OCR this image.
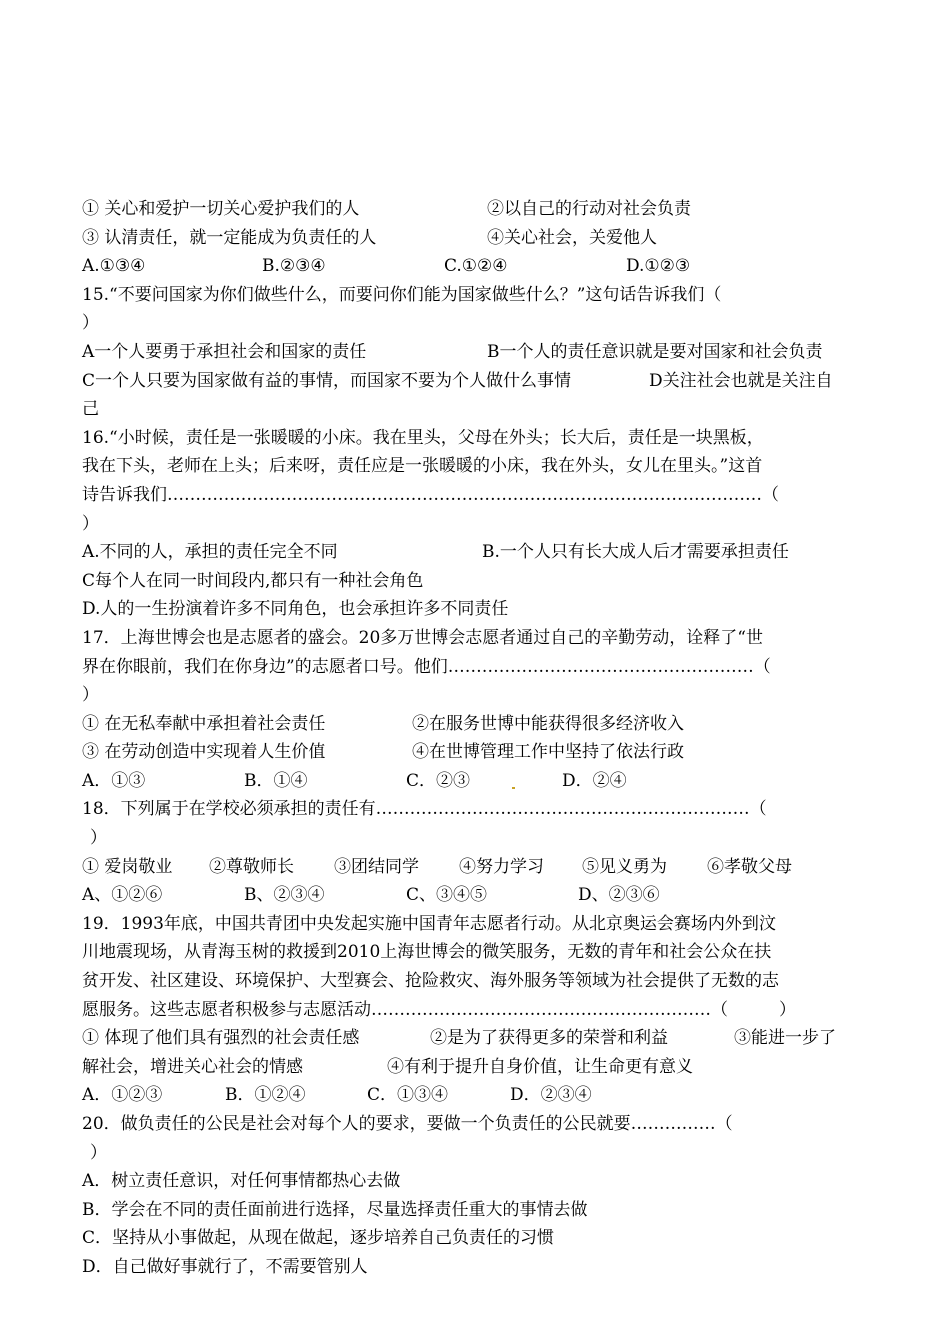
① 关心和爱护一切关心爱护我们的人	②以自己的行动对社会负责
③ 认清责任，就一定能成为负责任的人	④关心社会，关爱他人
A.①③④	B.②③④	C.①②④	D.①②③
15.“不要问国家为你们做些什么，而要问你们能为国家做些什么？”这句话告诉我们（
）
A一个人要勇于承担社会和国家的责任	B一个人的责任意识就是要对国家和社会负责
C一个人只要为国家做有益的事情，而国家不要为个人做什么事情	D关注社会也就是关注自
己
16.“小时候，责任是一张暖暖的小床。我在里头，父母在外头；长大后，责任是一块黑板，
我在下头，老师在上头；后来呀，责任应是一张暖暖的小床，我在外头，女儿在里头。”这首
诗告诉我们……………………………………………………………………………………………（
）
A.不同的人，承担的责任完全不同	B.一个人只有长大成人后才需要承担责任
C每个人在同一时间段内,都只有一种社会角色
D.人的一生扮演着许多不同角色，也会承担许多不同责任
17．上海世博会也是志愿者的盛会。20多万世博会志愿者通过自己的辛勤劳动，诠释了“世
界在你眼前，我们在你身边”的志愿者口号。他们………………………………………………（
）
① 在无私奉献中承担着社会责任	②在服务世博中能获得很多经济收入
③ 在劳动创造中实现着人生价值	④在世博管理工作中坚持了依法行政
A．①③	B．①④	C．②③	D．②④
18．下列属于在学校必须承担的责任有…………………………………………………………（
）
① 爱岗敬业 ②尊敬师长 ③团结同学 ④努力学习 ⑤见义勇为 ⑥孝敬父母
A、①②⑥	B、②③④	C、③④⑤	D、②③⑥
19．1993年底，中国共青团中央发起实施中国青年志愿者行动。从北京奥运会赛场内外到汶
川地震现场，从青海玉树的救援到2010上海世博会的微笑服务，无数的青年和社会公众在扶
贫开发、社区建设、环境保护、大型赛会、抢险救灾、海外服务等领域为社会提供了无数的志
愿服务。这些志愿者积极参与志愿活动……………………………………………………（　　　）
① 体现了他们具有强烈的社会责任感	②是为了获得更多的荣誉和利益	③能进一步了
解社会，增进关心社会的情感	④有利于提升自身价值，让生命更有意义
A．①②③	B．①②④	C．①③④	D．②③④
20．做负责任的公民是社会对每个人的要求，要做一个负责任的公民就要……………（
）
A．树立责任意识，对任何事情都热心去做
B．学会在不同的责任面前进行选择，尽量选择责任重大的事情去做
C．坚持从小事做起，从现在做起，逐步培养自己负责任的习惯
D．自己做好事就行了，不需要管别人
